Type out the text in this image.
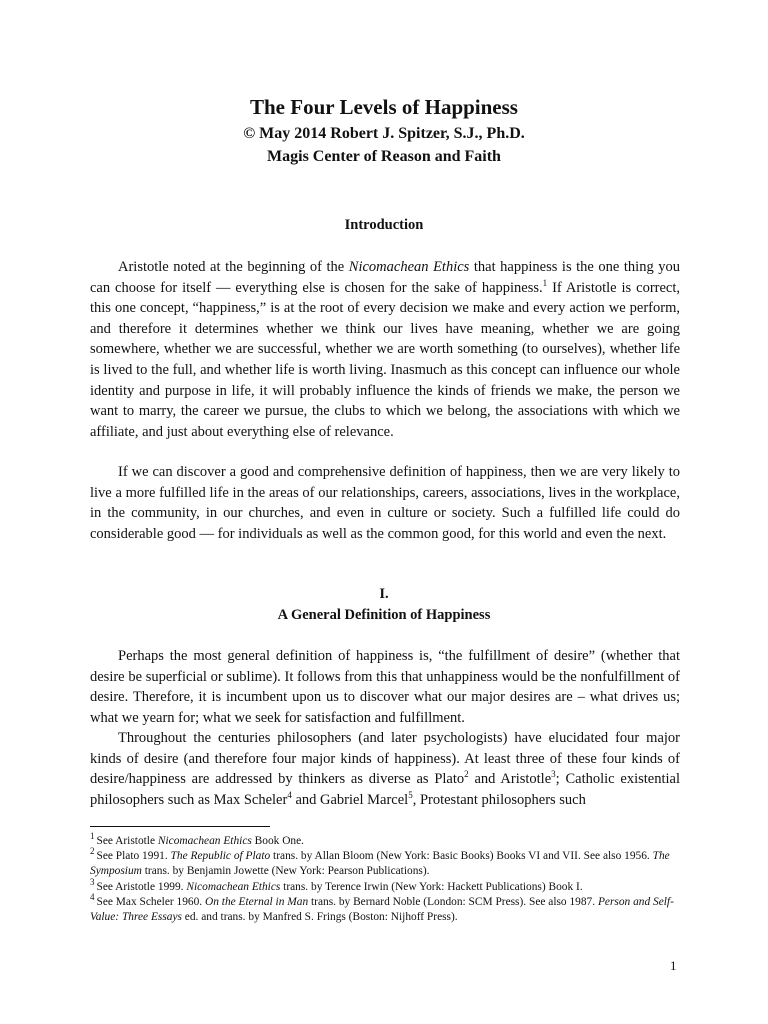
The Four Levels of Happiness

© May 2014 Robert J. Spitzer, S.J., Ph.D.

Magis Center of Reason and Faith

Introduction

Aristotle noted at the beginning of the Nicomachean Ethics that happiness is the one thing you can choose for itself — everything else is chosen for the sake of happiness.$^1$ If Aristotle is correct, this one concept, “happiness,” is at the root of every decision we make and every action we perform, and therefore it determines whether we think our lives have meaning, whether we are going somewhere, whether we are successful, whether we are worth something (to ourselves), whether life is lived to the full, and whether life is worth living. Inasmuch as this concept can influence our whole identity and purpose in life, it will probably influence the kinds of friends we make, the person we want to marry, the career we pursue, the clubs to which we belong, the associations with which we affiliate, and just about everything else of relevance.

If we can discover a good and comprehensive definition of happiness, then we are very likely to live a more fulfilled life in the areas of our relationships, careers, associations, lives in the workplace, in the community, in our churches, and even in culture or society. Such a fulfilled life could do considerable good — for individuals as well as the common good, for this world and even the next.

I.
A General Definition of Happiness

Perhaps the most general definition of happiness is, “the fulfillment of desire” (whether that desire be superficial or sublime). It follows from this that unhappiness would be the nonfulfillment of desire. Therefore, it is incumbent upon us to discover what our major desires are – what drives us; what we yearn for; what we seek for satisfaction and fulfillment.

Throughout the centuries philosophers (and later psychologists) have elucidated four major kinds of desire (and therefore four major kinds of happiness). At least three of these four kinds of desire/happiness are addressed by thinkers as diverse as Plato$^2$ and Aristotle$^3$; Catholic existential philosophers such as Max Scheler$^4$ and Gabriel Marcel$^5$, Protestant philosophers such

$^1$ See Aristotle Nicomachean Ethics Book One.

$^2$ See Plato 1991. The Republic of Plato trans. by Allan Bloom (New York: Basic Books) Books VI and VII. See also 1956. The Symposium trans. by Benjamin Jowette (New York: Pearson Publications).

$^3$ See Aristotle 1999. Nicomachean Ethics trans. by Terence Irwin (New York: Hackett Publications) Book I.

$^4$ See Max Scheler 1960. On the Eternal in Man trans. by Bernard Noble (London: SCM Press). See also 1987. Person and Self-Value: Three Essays ed. and trans. by Manfred S. Frings (Boston: Nijhoff Press).

1
